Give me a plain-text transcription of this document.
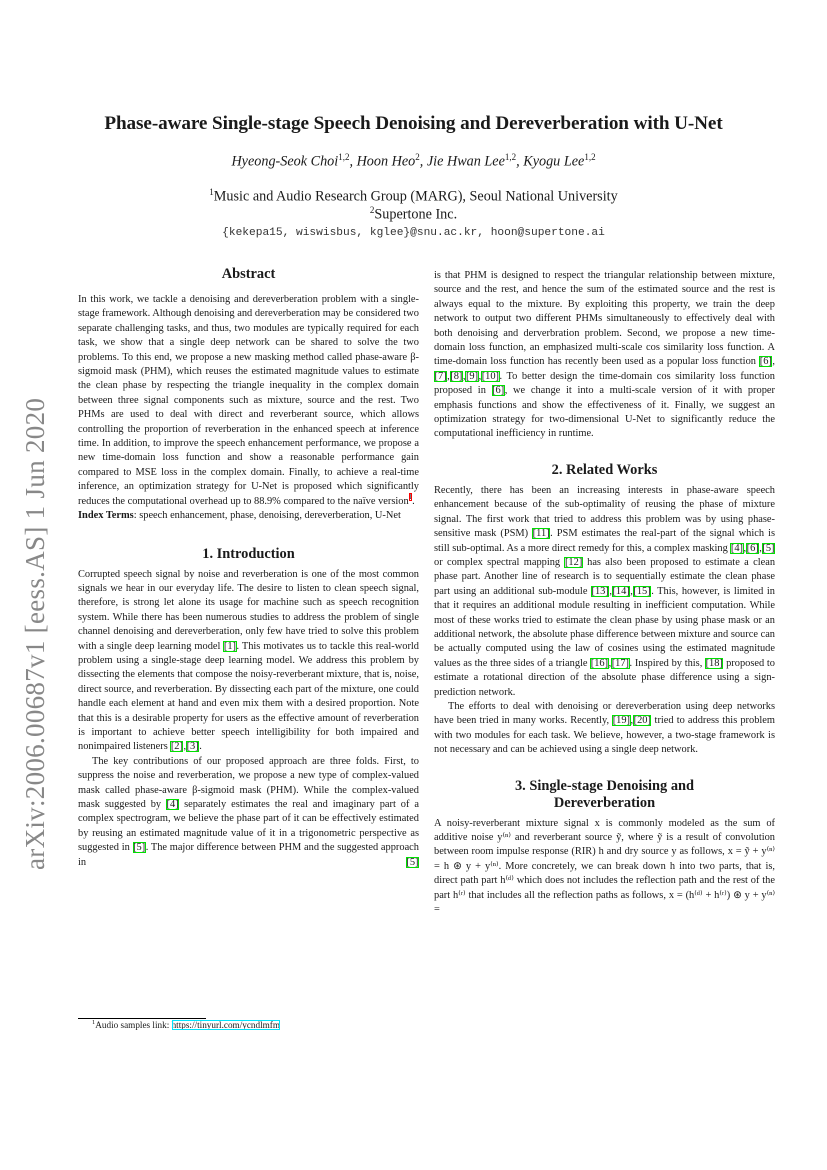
arXiv:2006.00687v1 [eess.AS] 1 Jun 2020
Phase-aware Single-stage Speech Denoising and Dereverberation with U-Net
Hyeong-Seok Choi$^{1,2}$, Hoon Heo$^2$, Jie Hwan Lee$^{1,2}$, Kyogu Lee$^{1,2}$
$^1$Music and Audio Research Group (MARG), Seoul National University
$^2$Supertone Inc.
{kekepa15, wiswisbus, kglee}@snu.ac.kr, hoon@supertone.ai
Abstract

In this work, we tackle a denoising and dereverberation problem with a single-stage framework. Although denoising and dereverberation may be considered two separate challenging tasks, and thus, two modules are typically required for each task, we show that a single deep network can be shared to solve the two problems. To this end, we propose a new masking method called phase-aware β-sigmoid mask (PHM), which reuses the estimated magnitude values to estimate the clean phase by respecting the triangle inequality in the complex domain between three signal components such as mixture, source and the rest. Two PHMs are used to deal with direct and reverberant source, which allows controlling the proportion of reverberation in the enhanced speech at inference time. In addition, to improve the speech enhancement performance, we propose a new time-domain loss function and show a reasonable performance gain compared to MSE loss in the complex domain. Finally, to achieve a real-time inference, an optimization strategy for U-Net is proposed which significantly reduces the computational overhead up to 88.9% compared to the naïve version$^1$.

Index Terms: speech enhancement, phase, denoising, dereverberation, U-Net

1. Introduction

Corrupted speech signal by noise and reverberation is one of the most common signals we hear in our everyday life. The desire to listen to clean speech signal, therefore, is strong let alone its usage for machine such as speech recognition system. While there has been numerous studies to address the problem of single channel denoising and dereverberation, only few have tried to solve this problem with a single deep learning model [1]. This motivates us to tackle this real-world problem using a single-stage deep learning model. We address this problem by dissecting the elements that compose the noisy-reverberant mixture, that is, noise, direct source, and reverberation. By dissecting each part of the mixture, one could handle each element at hand and even mix them with a desired proportion. Note that this is a desirable property for users as the effective amount of reverberation is important to achieve better speech intelligibility for both impaired and nonimpaired listeners [2],[3].

The key contributions of our proposed approach are three folds. First, to suppress the noise and reverberation, we propose a new type of complex-valued mask called phase-aware β-sigmoid mask (PHM). While the complex-valued mask suggested by [4] separately estimates the real and imaginary part of a complex spectrogram, we believe the phase part of it can be effectively estimated by reusing an estimated magnitude value of it in a trigonometric perspective as suggested in [5]. The major difference between PHM and the suggested approach in [5]

$^1$Audio samples link: https://tinyurl.com/ycndlmfm

is that PHM is designed to respect the triangular relationship between mixture, source and the rest, and hence the sum of the estimated source and the rest is always equal to the mixture. By exploiting this property, we train the deep network to output two different PHMs simultaneously to effectively deal with both denoising and derverbration problem. Second, we propose a new time-domain loss function, an emphasized multi-scale cos similarity loss function. A time-domain loss function has recently been used as a popular loss function [6],[7],[8],[9],[10]. To better design the time-domain cos similarity loss function proposed in [6], we change it into a multi-scale version of it with proper emphasis functions and show the effectiveness of it. Finally, we suggest an optimization strategy for two-dimensional U-Net to significantly reduce the computational inefficiency in runtime.

2. Related Works

Recently, there has been an increasing interests in phase-aware speech enhancement because of the sub-optimality of reusing the phase of mixture signal. The first work that tried to address this problem was by using phase-sensitive mask (PSM) [11]. PSM estimates the real-part of the signal which is still sub-optimal. As a more direct remedy for this, a complex masking [4],[6],[5] or complex spectral mapping [12] has also been proposed to estimate a clean phase part. Another line of research is to sequentially estimate the clean phase part using an additional sub-module [13],[14],[15]. This, however, is limited in that it requires an additional module resulting in inefficient computation. While most of these works tried to estimate the clean phase by using phase mask or an additional network, the absolute phase difference between mixture and source can be actually computed using the law of cosines using the estimated magnitude values as the three sides of a triangle [16],[17]. Inspired by this, [18] proposed to estimate a rotational direction of the absolute phase difference using a sign-prediction network.

The efforts to deal with denoising or dereverberation using deep networks have been tried in many works. Recently, [19],[20] tried to address this problem with two modules for each task. We believe, however, a two-stage framework is not necessary and can be achieved using a single deep network.

3. Single-stage Denoising and
Dereverberation

A noisy-reverberant mixture signal x is commonly modeled as the sum of additive noise y⁽ⁿ⁾ and reverberant source ỹ, where ỹ is a result of convolution between room impulse response (RIR) h and dry source y as follows, x = ỹ + y⁽ⁿ⁾ = h ⊛ y + y⁽ⁿ⁾. More concretely, we can break down h into two parts, that is, direct path part h⁽ᵈ⁾ which does not includes the reflection path and the rest of the part h⁽ʳ⁾ that includes all the reflection paths as follows, x = (h⁽ᵈ⁾ + h⁽ʳ⁾) ⊛ y + y⁽ⁿ⁾ =
